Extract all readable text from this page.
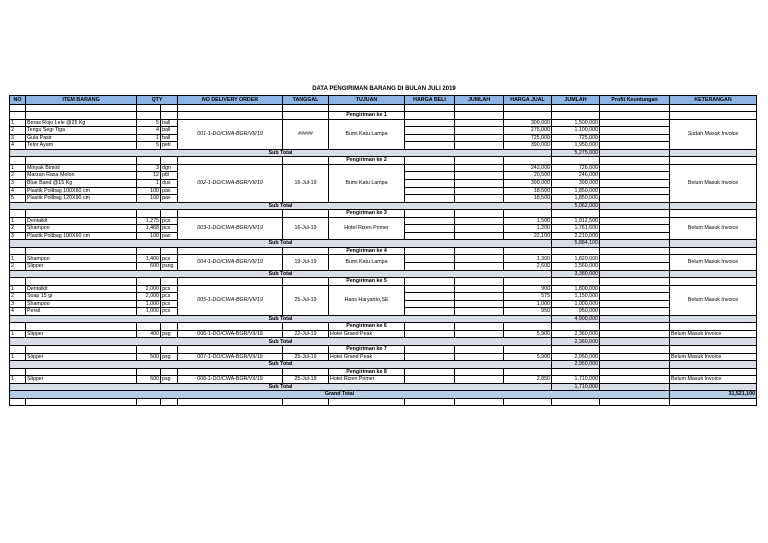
DATA PENGIRIMAN BARANG DI BULAN JULI 2019
NO	ITEM BARANG	QTY		NO DELIVERY ORDER	TANGGAL	TUJUAN	HARGA BELI	JUMLAH	HARGA JUAL	JUMLAH	Profit Keuntungan	KETERANGAN

						Pengiriman ke 1						
1	Beras Rojo Lele @25 Kg	5	ball	001-1-DO/CWA-BGR/VII/19	#####	Bumi Katu Lampa			300,000	1,500,000		Sudah Masuk Invoice
2	Terigu Segi Tiga	4	ball						275,000	1,100,000		
3	Gula Pasir	1	ball						725,000	725,000		
4	Telor Ayam	5	peti						390,000	1,950,000		
Sub Total										5,275,000		
						Pengiriman ke 2						
1	Minyak Bimoli	3	dgn	002-1-DO/CWA-BGR/VII/19	16-Jul-19	Bumi Katu Lampa			242,000	726,000		Belum Masuk Invoice
2	Marzan Rasa Melon	12	pttl						20,500	246,000		
3	Blue Band @15 Kg	1	dus						390,000	390,000		
4	Plastik Polibag 100X60 cm	100	pax						18,500	1,850,000		
5	Plastik Polibag 120X90 cm	100	pax						18,500	1,850,000		
Sub Total										5,062,000		
						Pengiriman ke 3						
1	Dentalkit	1,275	pcs	003-1-DO/CWA-BGR/VII/19	16-Jul-19	Hotel Rizen Primer			1,500	1,912,500		Belum Masuk Invoice
2	Shampoo	1,468	pcs						1,200	1,761,600		
3	Plastik Polibag 100X60 cm	100	pax						22,100	2,210,000		
Sub Total										5,884,100		
						Pengiriman ke 4						
1	Shampoo	1,400	pcs	004-1-DO/CWA-BGR/VII/19	19-Jul-19	Bumi Katu Lampa			1,300	1,820,000		Belum Masuk Invoice
2	Slipper	600	psng						2,600	1,560,000		
Sub Total										3,380,000		
						Pengiriman ke 5						
1	Dentalkit	2,000	pcs	005-1-DO/CWA-BGR/VII/19	25-Jul-19	Haris Haryanto,SE			900	1,800,000		Belum Masuk Invoice
2	Soap 15 gr	2,000	pcs						575	1,150,000		
3	Shampoo	1,000	pcs						1,000	1,000,000		
4	Persil	1,000	pcs						950	950,000		
Sub Total										4,900,000		
						Pengiriman ke 6						
1	Slipper	400	psg	006-1-DO/CWA-BGR/VII/19	22-Jul-19	Hotel Grand Peak			5,900	2,360,000		Belum Masuk Invoice
Sub Total										2,360,000		
						Pengiriman ke 7						
1	Slipper	500	psg	007-1-DO/CWA-BGR/VII/19	25-Jul-19	Hotel Grand Peak			5,900	2,950,000		Belum Masuk Invoice
Sub Total										2,950,000		
						Pengiriman ke 8						
1	Slipper	600	psg	008-1-DO/CWA-BGR/VII/19	25-Jul-19	Hotel Rizen Primer			2,850	1,710,000		Belum Masuk Invoice
Sub Total										1,710,000		
Grand Total												31,521,100
